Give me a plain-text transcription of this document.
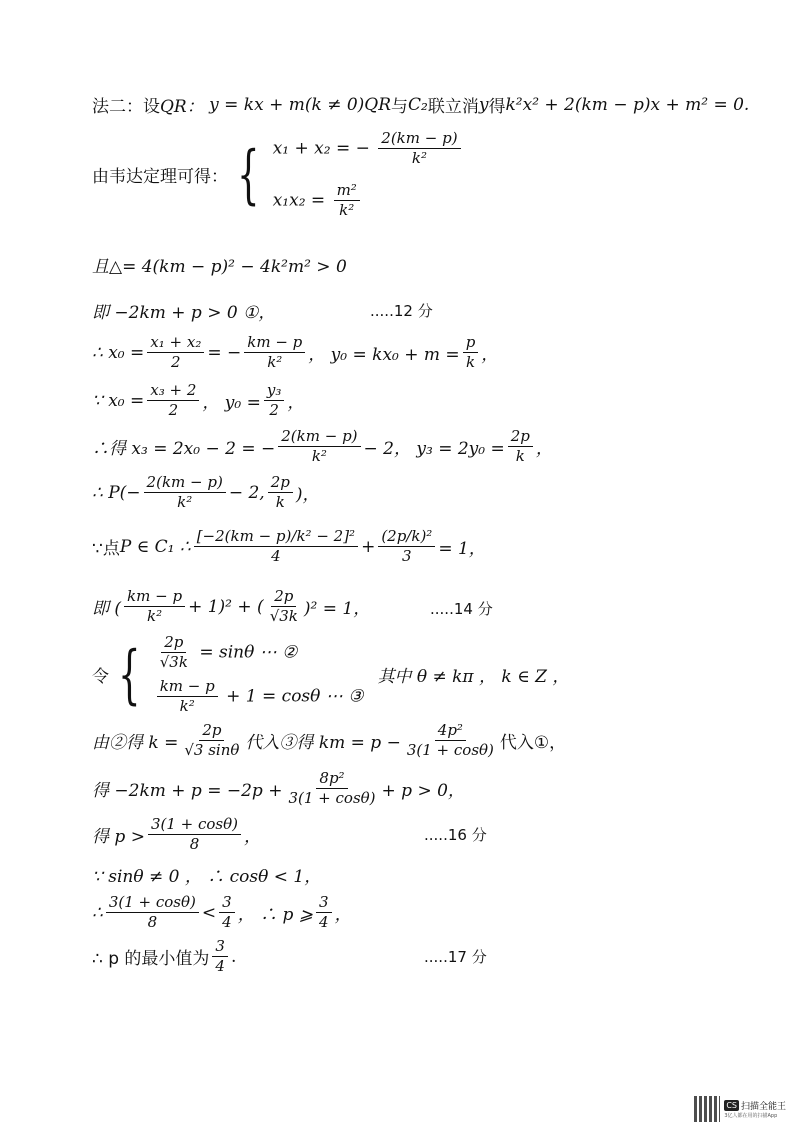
法二：设 QR：
y = kx + m(k ≠ 0)QR 与 C₂ 联立消 y 得 k²x² + 2(km − p)x + m² = 0.
由韦达定理可得： { x₁ + x₂ = − $\frac{2(km - p)}{\text{k²}}$
$x_1x_2 = \frac{\text{m²}}{\text{k²}}$
且△= 4(km − p)² − 4k²m² > 0
即 −2km + p > 0 ①，	.....12 分
∴ $x_0 = \frac{\text{x₁ + x₂}}{2}$ = − $\frac{km - p}{\text{k²}}$ ， $y_0 = kx_0 + m = \frac{p}{k}$ ，
∵ $x_0 = \frac{\text{x₃ + 2}}{2}$ ， $y_0 = \frac{\text{y₃}}{2}$ ，
∴得 x₃ = 2x₀ − 2 = − $\frac{2(km - p)}{\text{k²}} - 2$， $y_3 = 2y_0 = \frac{2p}{k}$ ，
∴ $P(- \frac{2(km - p)}{\text{k²}} - 2$, $\frac{2p}{k}$ )，
∵点 P ∈ C₁ ∴ $\frac{\text{[−2(km − p)/k² − 2]²}}{4} + \frac{\text{(2p/k)²}}{3} = 1$，
即 ( $\frac{km - p}{\text{k²}} + 1)^2$ + ( $\frac{2p}{√3k} )^2 = 1$，	.....14 分
令 { $\frac{2p}{√3k} = \sin\theta$ ⋯ ②
$\frac{km - p}{\text{k²}} + 1 = \cos\theta$ ⋯ ③
其中 θ ≠ kπ ， k ∈ Z ，
由②得 $k = \frac{2p}{√3 \sin\theta}$ 代入③得 km = $p - \frac{\text{4p²}}{3(1 + \cos\theta)}$ 代入①，
得 $-2km + p = -2p + \frac{\text{8p²}}{3(1 + \cos\theta)} + p > 0$，
得 $p > \frac{3(1 + \cos\theta)}{8}$ ，	.....16 分
∵ sinθ ≠ 0 ， ∴ cosθ < 1，
∴ $\frac{3(1 + \cos\theta)}{8} < \frac{3}{4}$ ， ∴ p ⩾ $\frac{3}{4}$ ，
∴ p 的最小值为 $\frac{3}{4}$ .	.....17 分
CS 扫描全能王
3亿人都在用的扫描App
